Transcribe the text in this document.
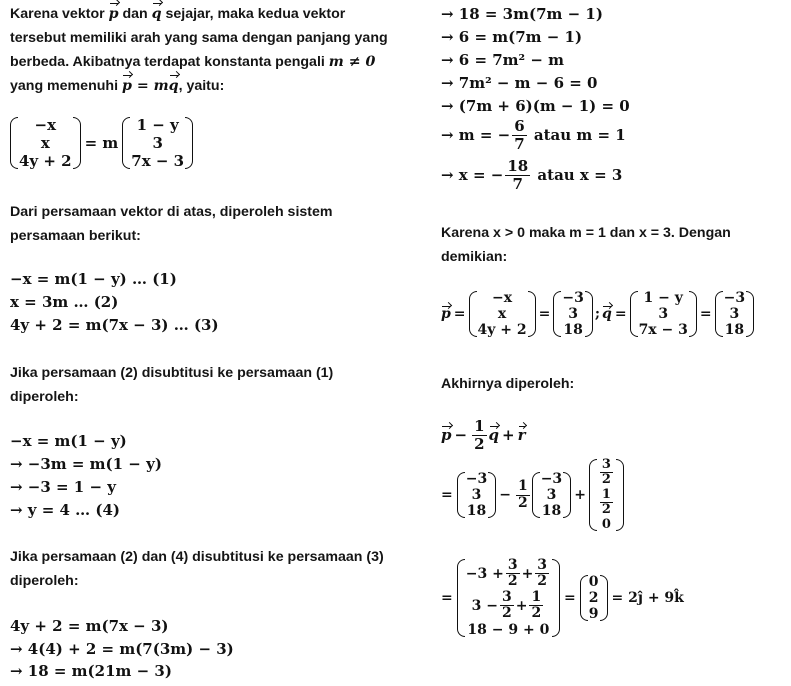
Karena vektor p dan q sejajar, maka kedua vektor
tersebut memiliki arah yang sama dengan panjang yang
berbeda. Akibatnya terdapat konstanta pengali m ≠ 0
yang memenuhi p = mq, yaitu:
−x
x
4y + 2
= m
1 − y
3
7x − 3
Dari persamaan vektor di atas, diperoleh sistem
persamaan berikut:
−x = m(1 − y) … (1)
x = 3m … (2)
4y + 2 = m(7x − 3) … (3)
Jika persamaan (2) disubtitusi ke persamaan (1)
diperoleh:
−x = m(1 − y)
→ −3m = m(1 − y)
→ −3 = 1 − y
→ y = 4 … (4)
Jika persamaan (2) dan (4) disubtitusi ke persamaan (3)
diperoleh:
4y + 2 = m(7x − 3)
→ 4(4) + 2 = m(7(3m) − 3)
→ 18 = m(21m − 3)
→ 18 = 3m(7m − 1)
→ 6 = m(7m − 1)
→ 6 = 7m² − m
→ 7m² − m − 6 = 0
→ (7m + 6)(m − 1) = 0
→ m = − $\frac{6}{7}$ atau m = 1
→ x = − $\frac{18}{7}$ atau x = 3
Karena x > 0 maka m = 1 dan x = 3. Dengan
demikian:
p =
−x
x
4y + 2
=
−3
3
18
; q =
1 − y
3
7x − 3
=
−3
3
18
Akhirnya diperoleh:
$p - \frac{1}{2}$ q + r
=
−3
3
18
− $\frac{1}{2}$
−3
3
18
+
$\frac{3}{2}$
$\frac{1}{2}$
0
=
$-3 + \frac{3}{2} + \frac{3}{2}$
$3 - \frac{3}{2} + \frac{1}{2}$
18 − 9 + 0
=
0
2
9
= 2ĵ + 9k̂
